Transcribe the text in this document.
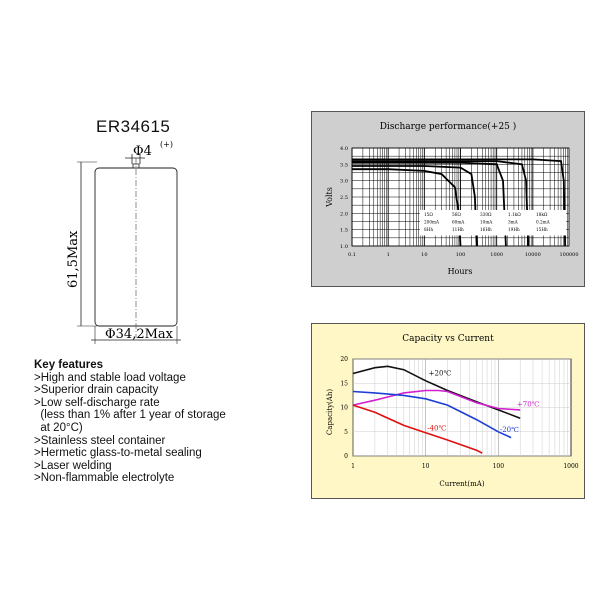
ER34615
Φ4 (+)
61,5Max
Φ34,2Max
Key features
>High and stable load voltage
>Superior drain capacity
>Low self-discharge rate
(less than 1% after 1 year of storage
at 20°C)
>Stainless steel container
>Hermetic glass-to-metal sealing
>Laser welding
>Non-flammable electrolyte
Discharge performance(+25 )
1.0
1.5
2.0
2.5
3.0
3.5
4.0
0.1	1	10	100	1000	10000	100000
Hours
Volts
15Ω	56Ω	330Ω	1.1kΩ	18kΩ
200mA	60mA	10mA	3mA	0.2mA
8Hh	11Hh	16Hh	19Hh	15Hh
Capacity vs Current
0
5
10
15
20
1	10	100	1000
Current(mA)
Capacity(Ah)
+20℃
+70℃
-20℃
-40℃
